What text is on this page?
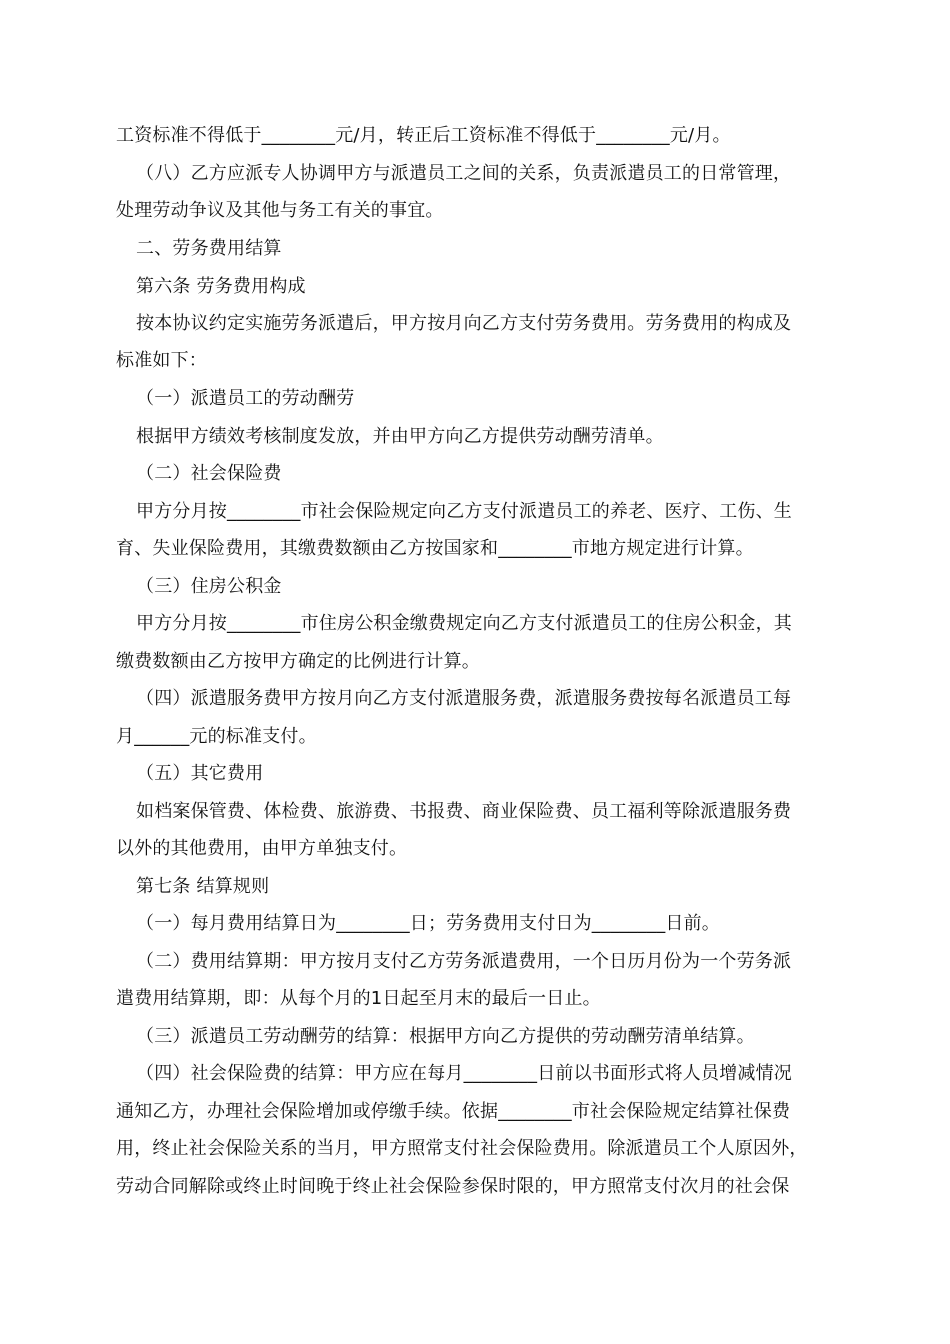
工资标准不得低于________元/月，转正后工资标准不得低于________元/月。
（八）乙方应派专人协调甲方与派遣员工之间的关系，负责派遣员工的日常管理，
处理劳动争议及其他与务工有关的事宜。
二、劳务费用结算
第六条 劳务费用构成
按本协议约定实施劳务派遣后，甲方按月向乙方支付劳务费用。劳务费用的构成及
标准如下：
（一）派遣员工的劳动酬劳
根据甲方绩效考核制度发放，并由甲方向乙方提供劳动酬劳清单。
（二）社会保险费
甲方分月按________市社会保险规定向乙方支付派遣员工的养老、医疗、工伤、生
育、失业保险费用，其缴费数额由乙方按国家和________市地方规定进行计算。
（三）住房公积金
甲方分月按________市住房公积金缴费规定向乙方支付派遣员工的住房公积金，其
缴费数额由乙方按甲方确定的比例进行计算。
（四）派遣服务费甲方按月向乙方支付派遣服务费，派遣服务费按每名派遣员工每
月______元的标准支付。
（五）其它费用
如档案保管费、体检费、旅游费、书报费、商业保险费、员工福利等除派遣服务费
以外的其他费用，由甲方单独支付。
第七条 结算规则
（一）每月费用结算日为________日；劳务费用支付日为________日前。
（二）费用结算期：甲方按月支付乙方劳务派遣费用，一个日历月份为一个劳务派
遣费用结算期，即：从每个月的1日起至月末的最后一日止。
（三）派遣员工劳动酬劳的结算：根据甲方向乙方提供的劳动酬劳清单结算。
（四）社会保险费的结算：甲方应在每月________日前以书面形式将人员增减情况
通知乙方，办理社会保险增加或停缴手续。依据________市社会保险规定结算社保费
用，终止社会保险关系的当月，甲方照常支付社会保险费用。除派遣员工个人原因外，
劳动合同解除或终止时间晚于终止社会保险参保时限的，甲方照常支付次月的社会保
